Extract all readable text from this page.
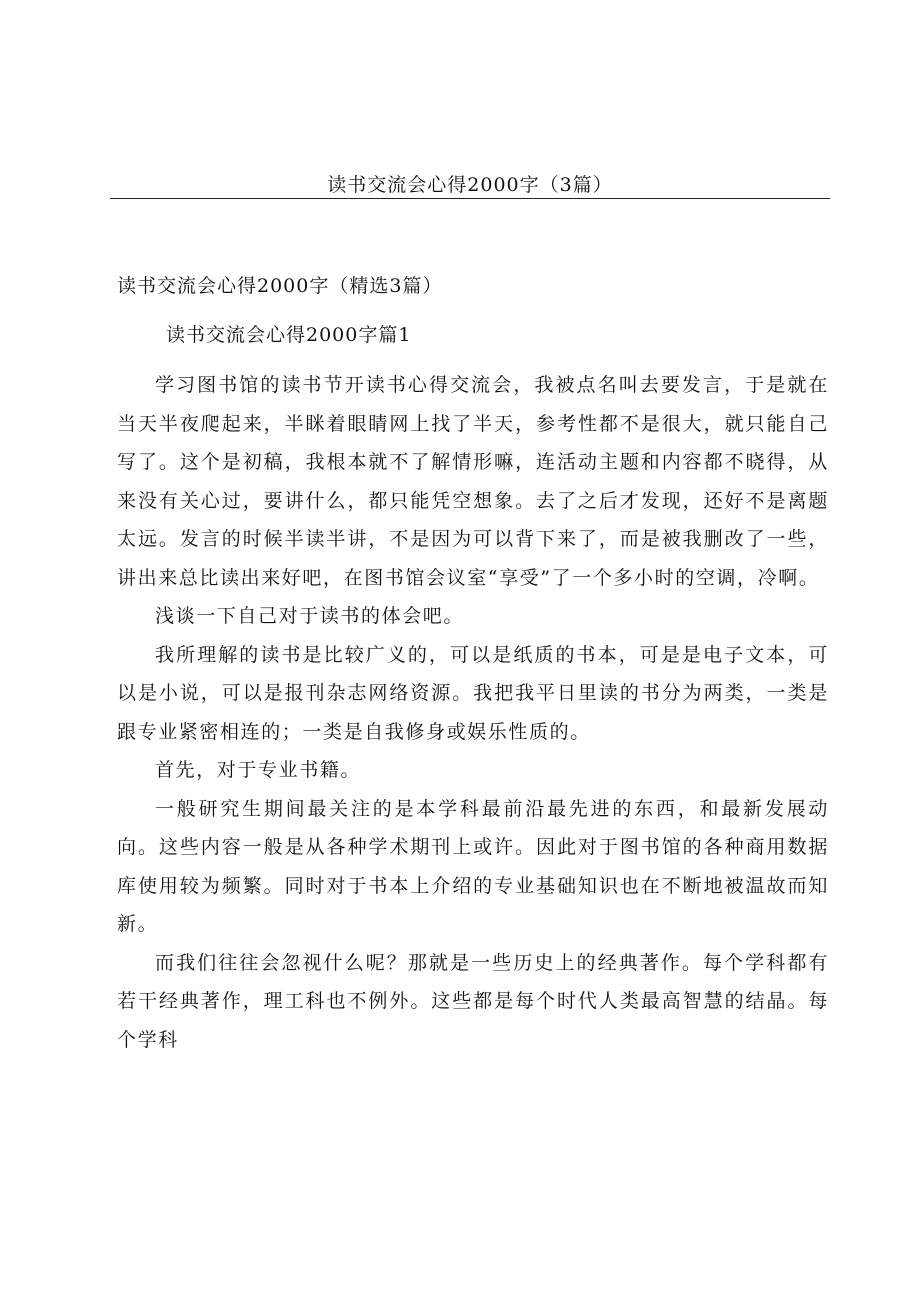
读书交流会心得2000字（3篇）
读书交流会心得2000字（精选3篇）
读书交流会心得2000字篇1

学习图书馆的读书节开读书心得交流会，我被点名叫去要发言，于是就在当天半夜爬起来，半眯着眼睛网上找了半天，参考性都不是很大，就只能自己写了。这个是初稿，我根本就不了解情形嘛，连活动主题和内容都不晓得，从来没有关心过，要讲什么，都只能凭空想象。去了之后才发现，还好不是离题太远。发言的时候半读半讲，不是因为可以背下来了，而是被我删改了一些，讲出来总比读出来好吧，在图书馆会议室“享受”了一个多小时的空调，冷啊。

浅谈一下自己对于读书的体会吧。

我所理解的读书是比较广义的，可以是纸质的书本，可是是电子文本，可以是小说，可以是报刊杂志网络资源。我把我平日里读的书分为两类，一类是跟专业紧密相连的；一类是自我修身或娱乐性质的。

首先，对于专业书籍。

一般研究生期间最关注的是本学科最前沿最先进的东西，和最新发展动向。这些内容一般是从各种学术期刊上或许。因此对于图书馆的各种商用数据库使用较为频繁。同时对于书本上介绍的专业基础知识也在不断地被温故而知新。

而我们往往会忽视什么呢？那就是一些历史上的经典著作。每个学科都有若干经典著作，理工科也不例外。这些都是每个时代人类最高智慧的结晶。每个学科
